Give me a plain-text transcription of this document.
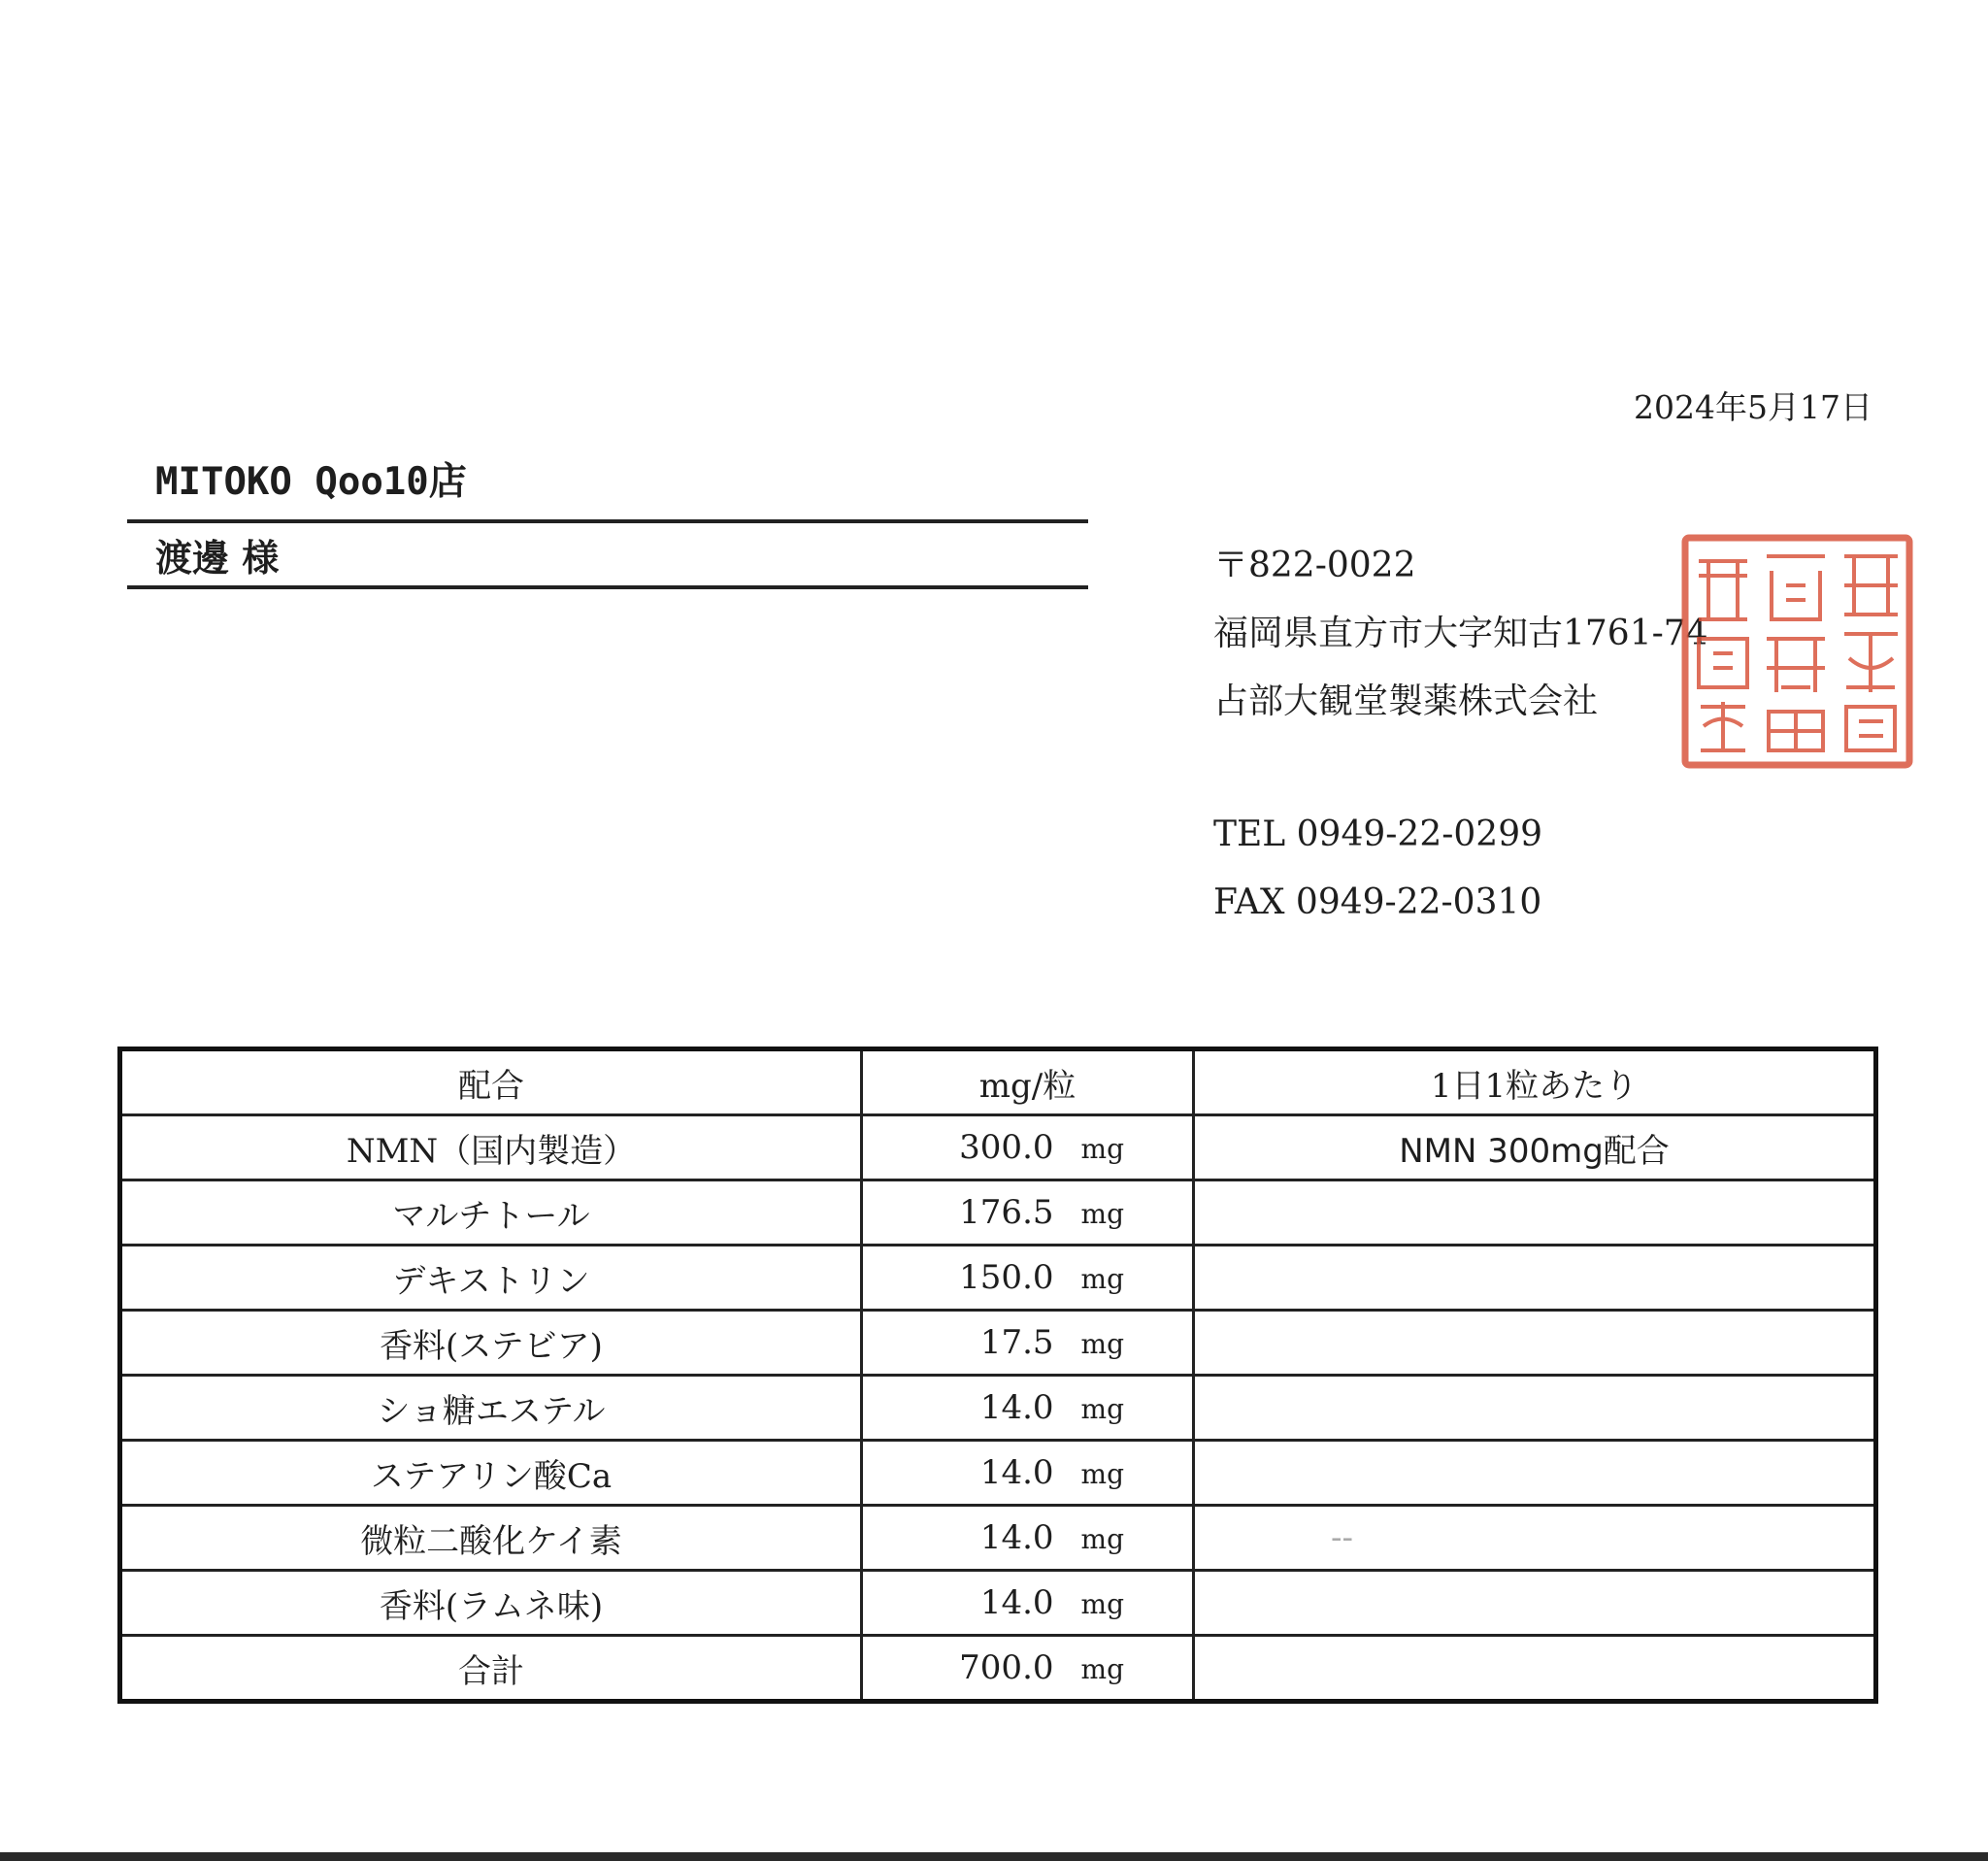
2024年5月17日
MITOKO Qoo10店
渡邊 様	〒822-0022
福岡県直方市大字知古1761-74
占部大観堂製薬株式会社
TEL 0949-22-0299
FAX 0949-22-0310
配合	mg/粒	1日1粒あたり
NMN（国内製造）	300.0 mg	NMN 300mg配合
マルチトール	176.5 mg	
デキストリン	150.0 mg	
香料(ステビア)	17.5 mg	
ショ糖エステル	14.0 mg	
ステアリン酸Ca	14.0 mg	
微粒二酸化ケイ素	14.0 mg	--
香料(ラムネ味)	14.0 mg	
合計	700.0 mg	
